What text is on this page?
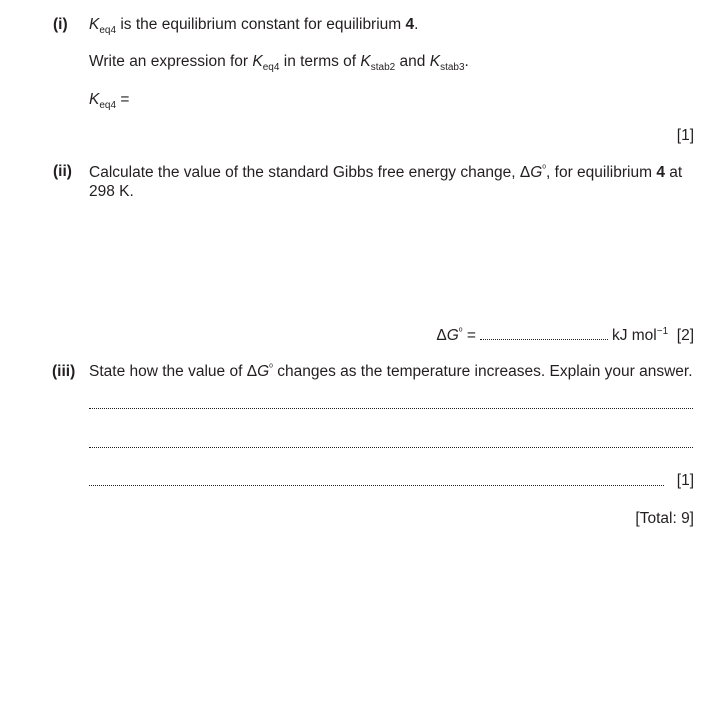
(i) $K_{eq4}$ is the equilibrium constant for equilibrium 4.
Write an expression for $K_{eq4}$ in terms of $K_{stab2}$ and $K_{stab3}$.
$K_{eq4}$ =
[1]
(ii) Calculate the value of the standard Gibbs free energy change, $\Delta G^ᵒ$, for equilibrium 4 at
298 K.
$\Delta G^ᵒ$ =	kJ mol$^{-1}$ [2]
(iii) State how the value of $\Delta G^ᵒ$ changes as the temperature increases. Explain your answer.
[1]
[Total: 9]
